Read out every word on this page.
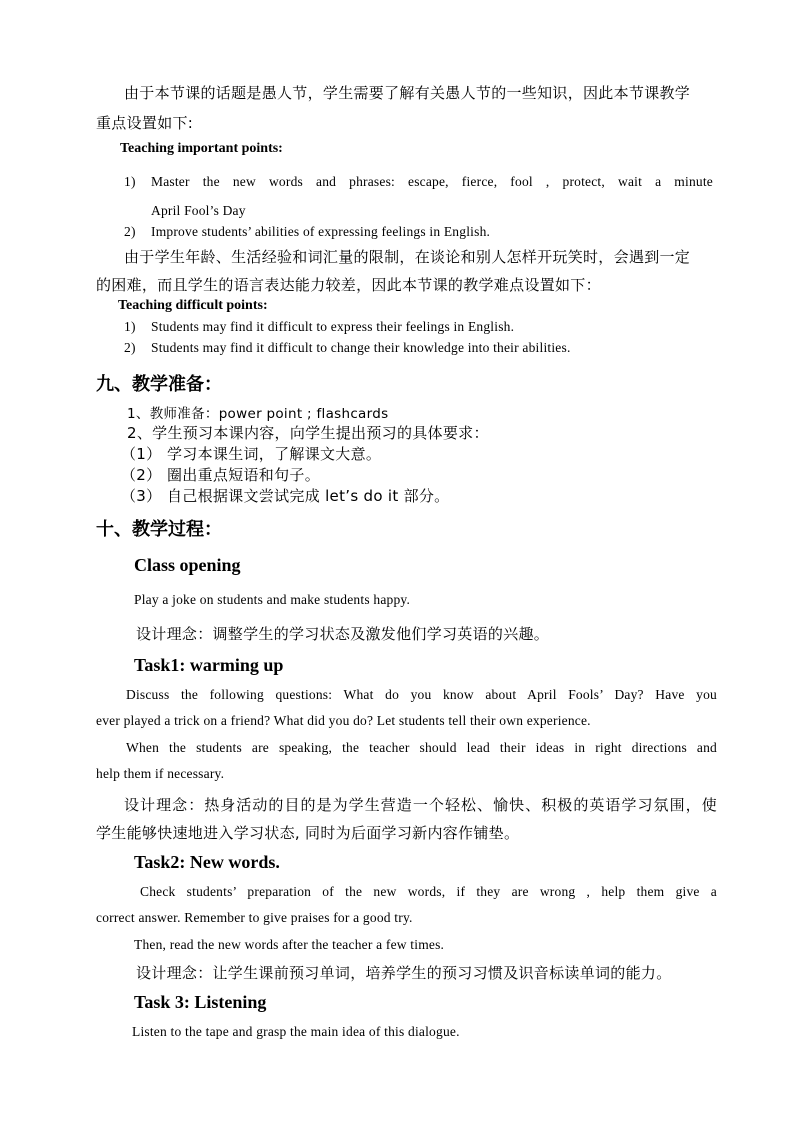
由于本节课的话题是愚人节，学生需要了解有关愚人节的一些知识，因此本节课教学
重点设置如下:
Teaching important points:
1) Master the new words and phrases: escape, fierce, fool , protect, wait a minute
April Fool’s Day
2) Improve students’ abilities of expressing feelings in English.
由于学生年龄、生活经验和词汇量的限制，在谈论和别人怎样开玩笑时，会遇到一定
的困难，而且学生的语言表达能力较差，因此本节课的教学难点设置如下：
Teaching difficult points:
1) Students may find it difficult to express their feelings in English.
2) Students may find it difficult to change their knowledge into their abilities.
九、教学准备：
1、教师准备：power point ; flashcards
2、学生预习本课内容，向学生提出预习的具体要求：
（1） 学习本课生词，了解课文大意。
（2） 圈出重点短语和句子。
（3） 自己根据课文尝试完成 let’s do it 部分。
十、教学过程：
Class opening
Play a joke on students and make students happy.
设计理念：调整学生的学习状态及激发他们学习英语的兴趣。
Task1: warming up
Discuss the following questions: What do you know about April Fools’ Day? Have you
ever played a trick on a friend? What did you do? Let students tell their own experience.
When the students are speaking, the teacher should lead their ideas in right directions and
help them if necessary.
设计理念：热身活动的目的是为学生营造一个轻松、愉快、积极的英语学习氛围，使
学生能够快速地进入学习状态, 同时为后面学习新内容作铺垫。
Task2: New words.
Check students’ preparation of the new words, if they are wrong , help them give a
correct answer. Remember to give praises for a good try.
Then, read the new words after the teacher a few times.
设计理念：让学生课前预习单词，培养学生的预习习惯及识音标读单词的能力。
Task 3: Listening
Listen to the tape and grasp the main idea of this dialogue.
